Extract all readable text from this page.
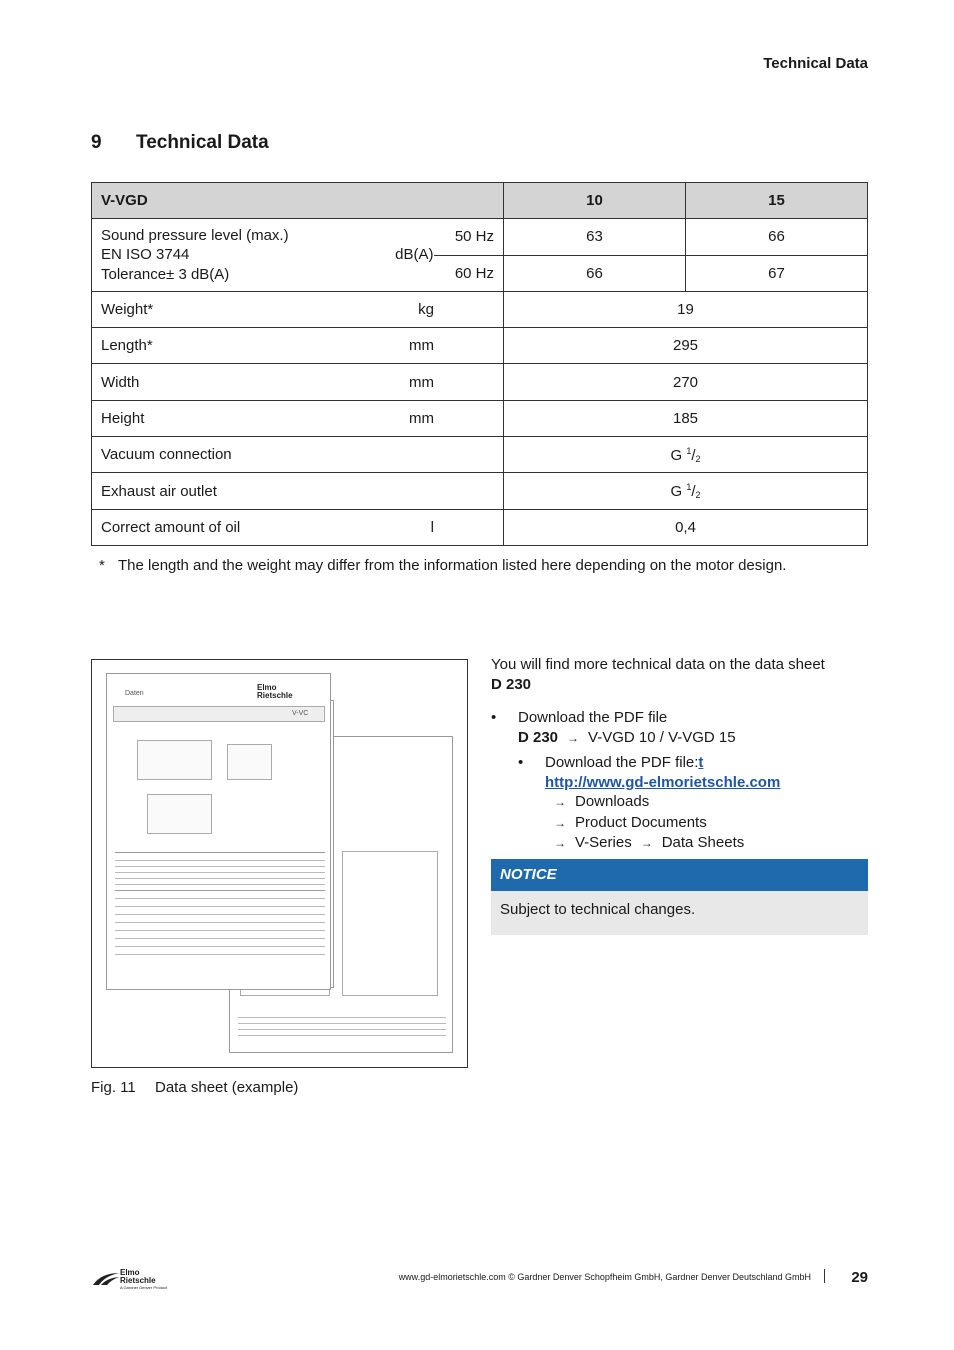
Technical Data
9 Technical Data
V-VGD		10	15

Sound pressure level (max.)
EN ISO 3744 dB(A)
Tolerance± 3 dB(A)	50 Hz	63	66
	60 Hz	66	67

Weight* kg		19	

Length* mm		295	

Width mm		270	

Height mm		185	

Vacuum connection		G $^1/_2$

Exhaust air outlet		G $^1/_2$

Correct amount of oil l		0,4	
* The length and the weight may differ from the information listed here depending on the motor design.
Daten
Elmo
Rietschle
V-VC
Fig. 11 Data sheet (example)
You will find more technical data on the data sheet
D 230
• Download the PDF file
D 230 → V-VGD 10 / V-VGD 15
• Download the PDF file:t
http://www.gd-elmorietschle.com
→ Downloads
→ Product Documents
→ V-Series → Data Sheets
NOTICE
Subject to technical changes.
Elmo
Rietschle
A Gardner Denver Product
www.gd-elmorietschle.com © Gardner Denver Schopfheim GmbH, Gardner Denver Deutschland GmbH	29
